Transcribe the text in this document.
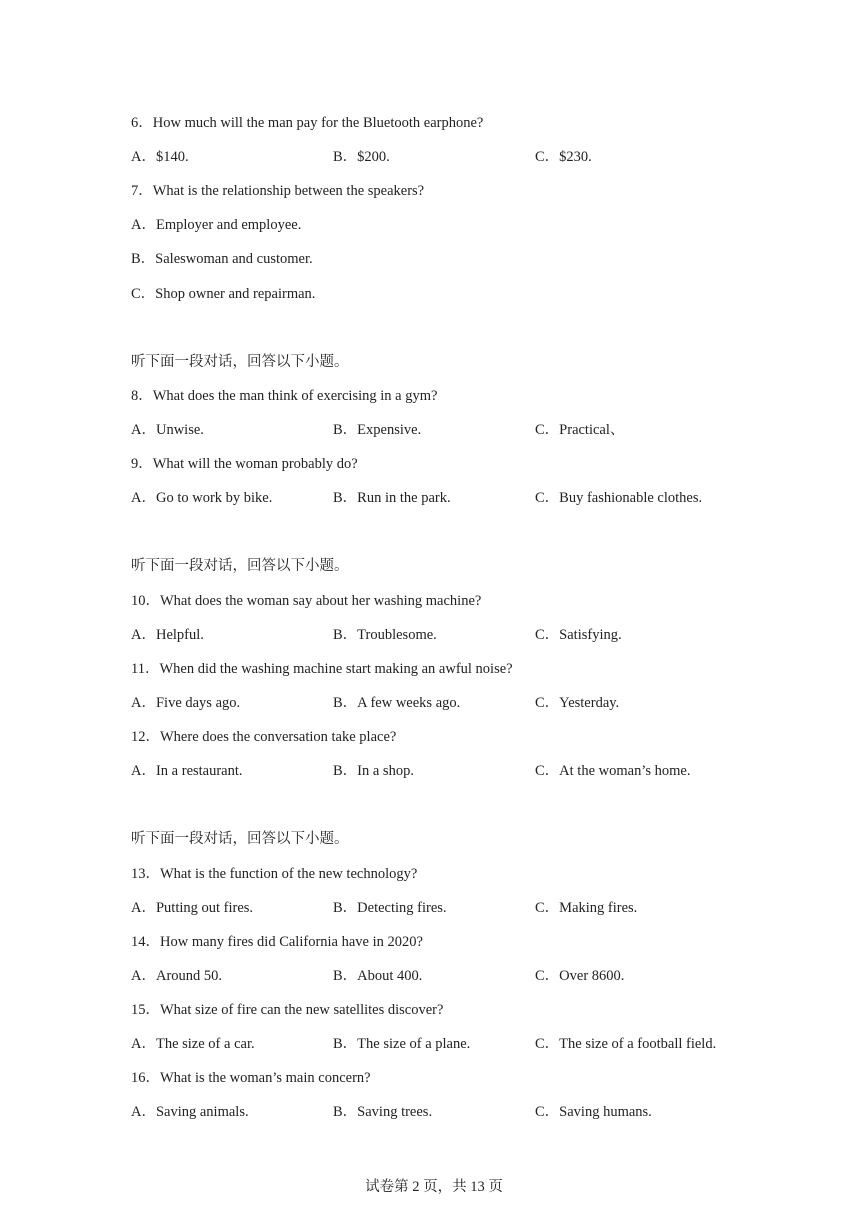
6．How much will the man pay for the Bluetooth earphone?
A．$140.	B．$200.	C．$230.
7．What is the relationship between the speakers?
A．Employer and employee.
B．Saleswoman and customer.
C．Shop owner and repairman.
听下面一段对话，回答以下小题。
8．What does the man think of exercising in a gym?
A．Unwise.	B．Expensive.	C．Practical、
9．What will the woman probably do?
A．Go to work by bike.	B．Run in the park.	C．Buy fashionable clothes.
听下面一段对话，回答以下小题。
10．What does the woman say about her washing machine?
A．Helpful.	B．Troublesome.	C．Satisfying.
11．When did the washing machine start making an awful noise?
A．Five days ago.	B．A few weeks ago.	C．Yesterday.
12．Where does the conversation take place?
A．In a restaurant.	B．In a shop.	C．At the woman’s home.
听下面一段对话，回答以下小题。
13．What is the function of the new technology?
A．Putting out fires.	B．Detecting fires.	C．Making fires.
14．How many fires did California have in 2020?
A．Around 50.	B．About 400.	C．Over 8600.
15．What size of fire can the new satellites discover?
A．The size of a car.	B．The size of a plane.	C．The size of a football field.
16．What is the woman’s main concern?
A．Saving animals.	B．Saving trees.	C．Saving humans.
试卷第 2 页，共 13 页
